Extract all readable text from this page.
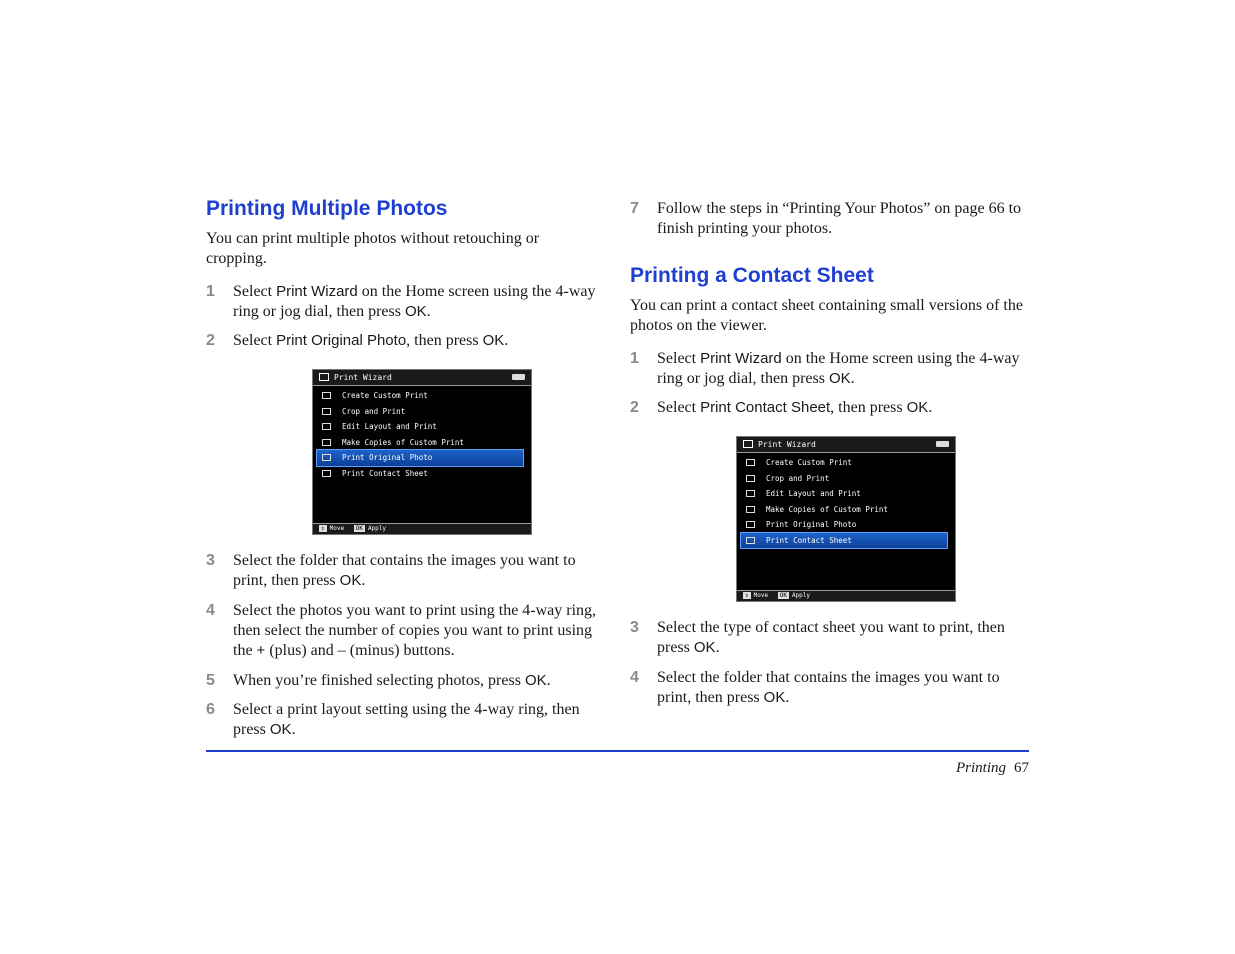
Printing Multiple Photos

You can print multiple photos without retouching or cropping.

1 Select Print Wizard on the Home screen using the 4-way ring or jog dial, then press OK.
2 Select Print Original Photo, then press OK.
3 Select the folder that contains the images you want to print, then press OK.
4 Select the photos you want to print using the 4-way ring, then select the number of copies you want to print using the + (plus) and – (minus) buttons.
5 When you’re finished selecting photos, press OK.
6 Select a print layout setting using the 4-way ring, then press OK.
Print Wizard
Create Custom Print
Crop and Print
Edit Layout and Print
Make Copies of Custom Print
Print Original Photo
Print Contact Sheet
⇕ Move OK Apply
7 Follow the steps in “Printing Your Photos” on page 66 to finish printing your photos.
Printing a Contact Sheet

You can print a contact sheet containing small versions of the photos on the viewer.

1 Select Print Wizard on the Home screen using the 4-way ring or jog dial, then press OK.
2 Select Print Contact Sheet, then press OK.
3 Select the type of contact sheet you want to print, then press OK.
4 Select the folder that contains the images you want to print, then press OK.
Print Wizard
Create Custom Print
Crop and Print
Edit Layout and Print
Make Copies of Custom Print
Print Original Photo
Print Contact Sheet
⇕ Move OK Apply
Printing 67
